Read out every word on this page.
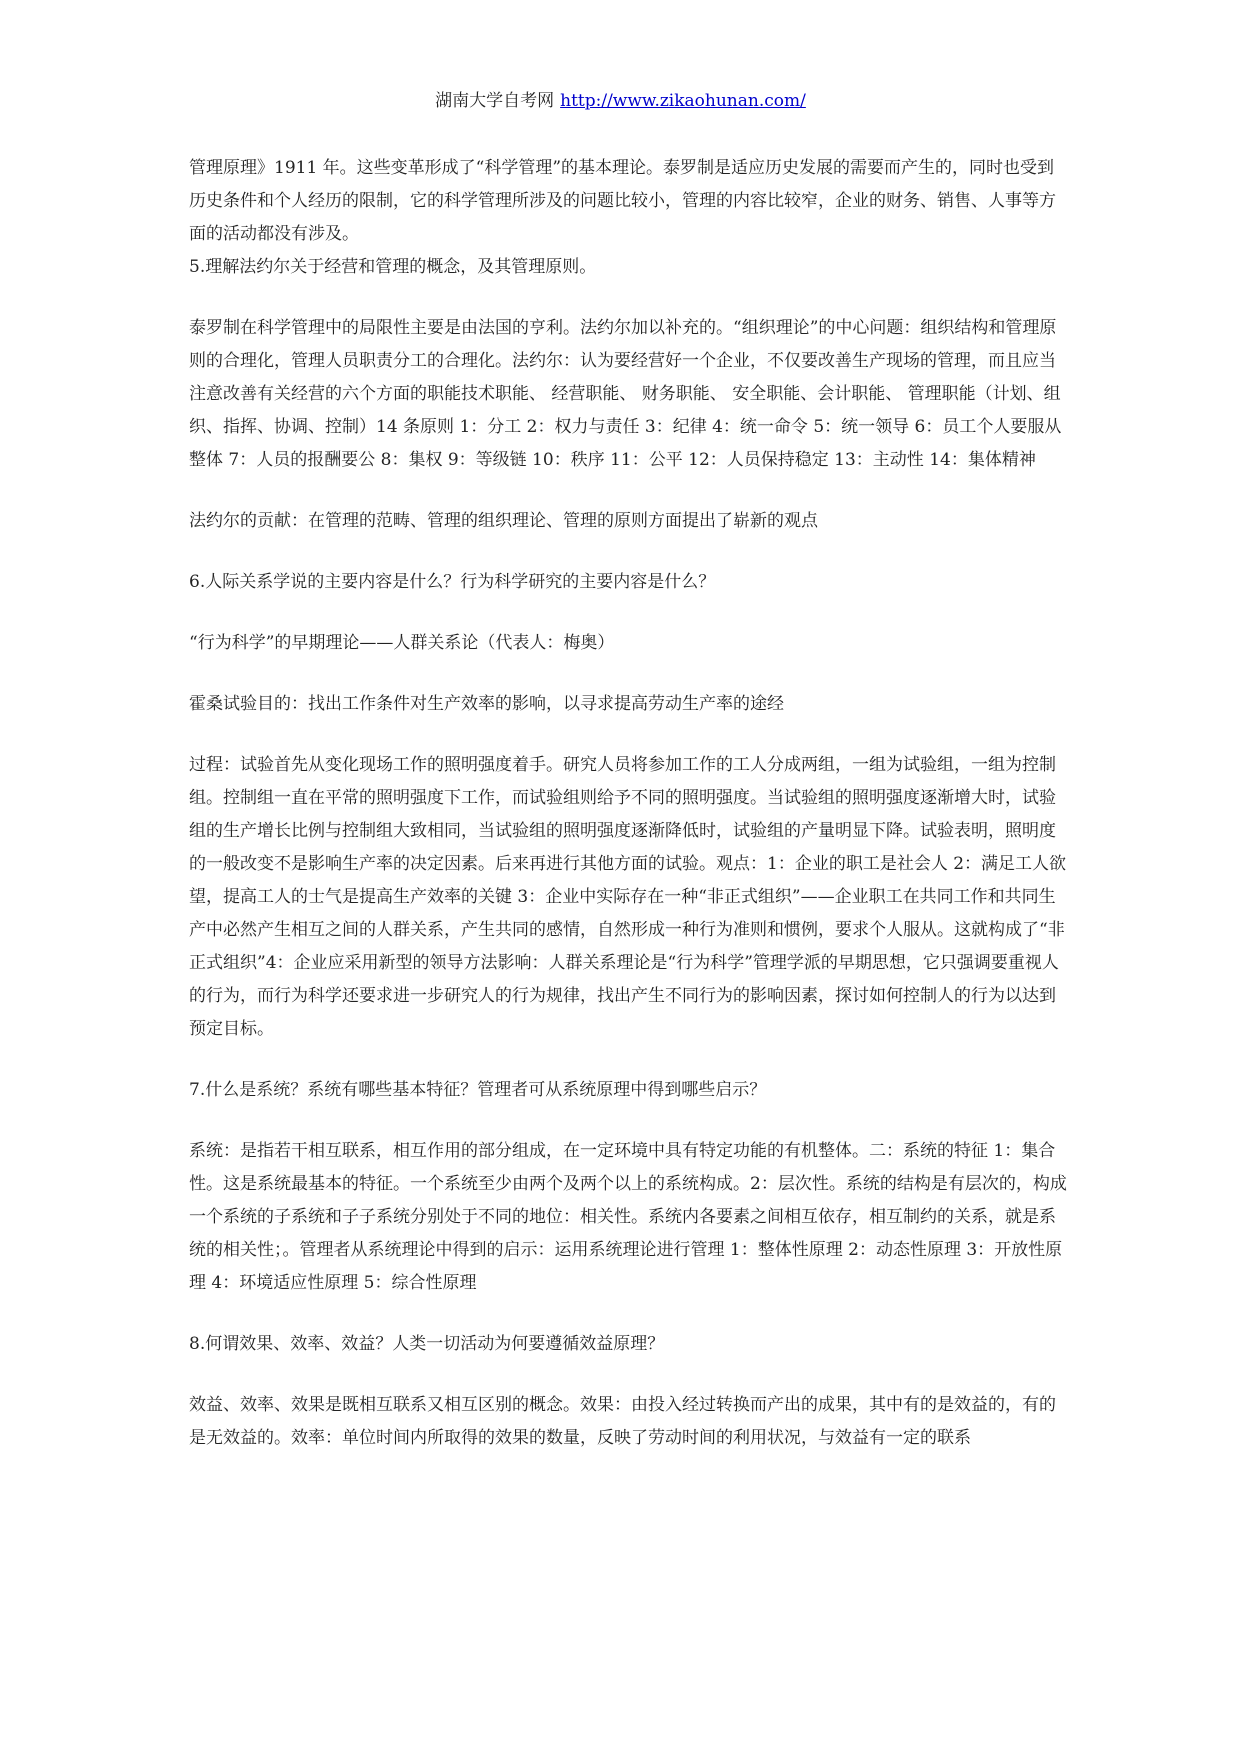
湖南大学自考网 http://www.zikaohunan.com/

管理原理》1911 年。这些变革形成了“科学管理”的基本理论。泰罗制是适应历史发展的需要而产生的，同时也受到历史条件和个人经历的限制，它的科学管理所涉及的问题比较小，管理的内容比较窄，企业的财务、销售、人事等方面的活动都没有涉及。

5.理解法约尔关于经营和管理的概念，及其管理原则。

泰罗制在科学管理中的局限性主要是由法国的亨利。法约尔加以补充的。“组织理论”的中心问题：组织结构和管理原则的合理化，管理人员职责分工的合理化。法约尔：认为要经营好一个企业，不仅要改善生产现场的管理，而且应当注意改善有关经营的六个方面的职能技术职能、 经营职能、 财务职能、 安全职能、会计职能、 管理职能（计划、组织、指挥、协调、控制）14 条原则 1：分工 2：权力与责任 3：纪律 4：统一命令 5：统一领导 6：员工个人要服从整体 7：人员的报酬要公 8：集权 9：等级链 10：秩序 11：公平 12：人员保持稳定 13：主动性 14：集体精神

法约尔的贡献：在管理的范畴、管理的组织理论、管理的原则方面提出了崭新的观点

6.人际关系学说的主要内容是什么？行为科学研究的主要内容是什么？

“行为科学”的早期理论——人群关系论（代表人：梅奥）

霍桑试验目的：找出工作条件对生产效率的影响，以寻求提高劳动生产率的途经

过程：试验首先从变化现场工作的照明强度着手。研究人员将参加工作的工人分成两组，一组为试验组，一组为控制组。控制组一直在平常的照明强度下工作，而试验组则给予不同的照明强度。当试验组的照明强度逐渐增大时，试验组的生产增长比例与控制组大致相同，当试验组的照明强度逐渐降低时，试验组的产量明显下降。试验表明，照明度的一般改变不是影响生产率的决定因素。后来再进行其他方面的试验。观点：1：企业的职工是社会人 2：满足工人欲望，提高工人的士气是提高生产效率的关键 3：企业中实际存在一种“非正式组织”——企业职工在共同工作和共同生产中必然产生相互之间的人群关系，产生共同的感情，自然形成一种行为准则和惯例，要求个人服从。这就构成了“非正式组织”4：企业应采用新型的领导方法影响：人群关系理论是“行为科学”管理学派的早期思想，它只强调要重视人的行为，而行为科学还要求进一步研究人的行为规律，找出产生不同行为的影响因素，探讨如何控制人的行为以达到预定目标。

7.什么是系统？系统有哪些基本特征？管理者可从系统原理中得到哪些启示？

系统：是指若干相互联系，相互作用的部分组成，在一定环境中具有特定功能的有机整体。二：系统的特征 1：集合性。这是系统最基本的特征。一个系统至少由两个及两个以上的系统构成。2：层次性。系统的结构是有层次的，构成一个系统的子系统和子子系统分别处于不同的地位：相关性。系统内各要素之间相互依存，相互制约的关系，就是系统的相关性；。管理者从系统理论中得到的启示：运用系统理论进行管理 1：整体性原理 2：动态性原理 3：开放性原理 4：环境适应性原理 5：综合性原理

8.何谓效果、效率、效益？人类一切活动为何要遵循效益原理？

效益、效率、效果是既相互联系又相互区别的概念。效果：由投入经过转换而产出的成果，其中有的是效益的，有的是无效益的。效率：单位时间内所取得的效果的数量，反映了劳动时间的利用状况，与效益有一定的联系
